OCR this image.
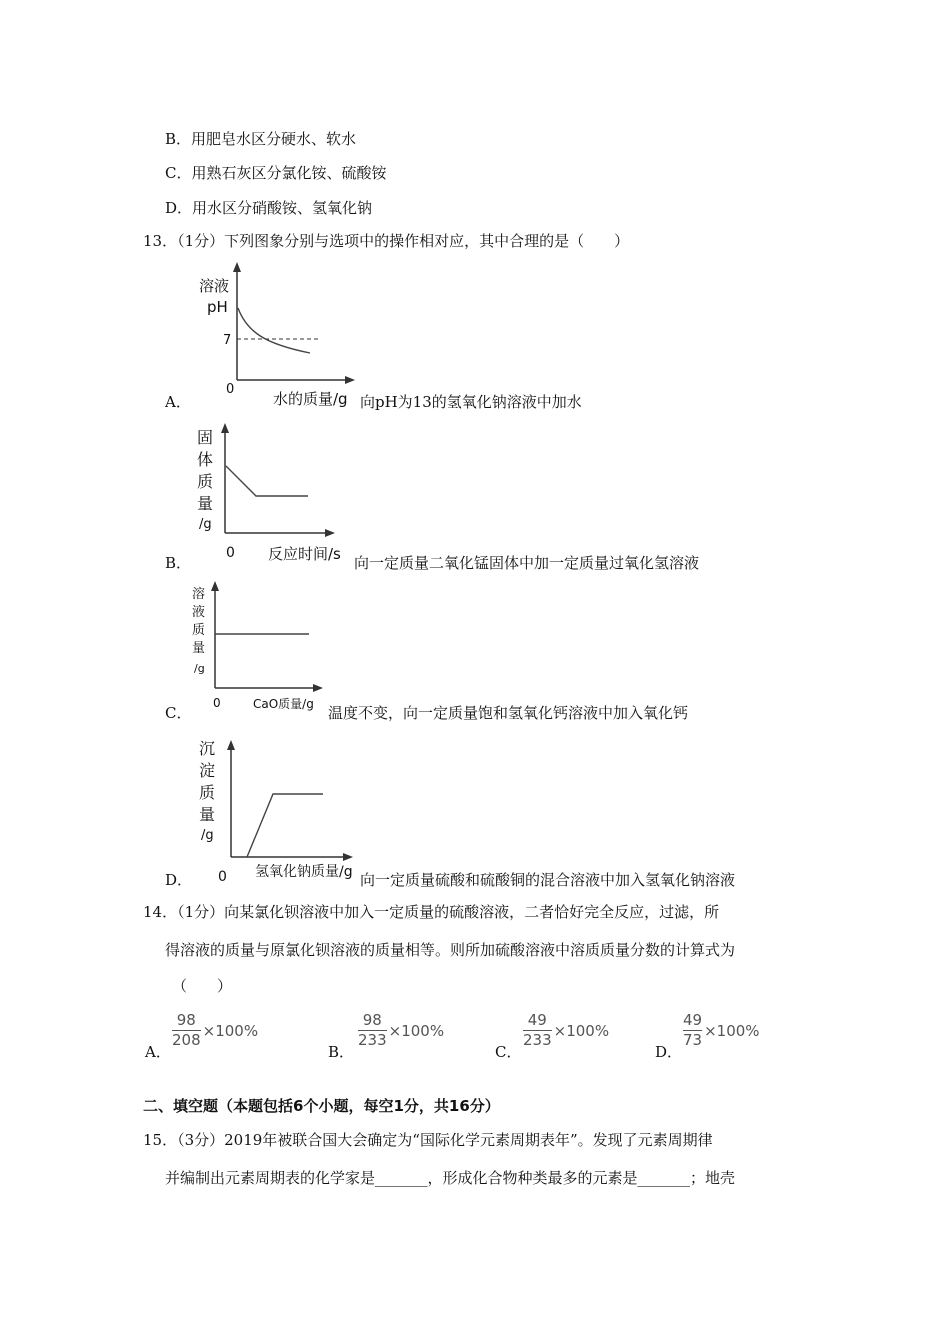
B．用肥皂水区分硬水、软水
C．用熟石灰区分氯化铵、硫酸铵
D．用水区分硝酸铵、氢氧化钠
13．（1分）下列图象分别与选项中的操作相对应，其中合理的是（　　）
A．
溶液
pH
7
0
水的质量/g 向pH为13的氢氧化钠溶液中加水
B．
固
体
质
量
/g
0 反应时间/s 向一定质量二氧化锰固体中加一定质量过氧化氢溶液
C．
溶
液
质
量
/g
0	CaO质量/g 温度不变，向一定质量饱和氢氧化钙溶液中加入氧化钙
D．
沉
淀
质
量
/g
0 氢氧化钠质量/g 向一定质量硫酸和硫酸铜的混合溶液中加入氢氧化钠溶液
14．（1分）向某氯化钡溶液中加入一定质量的硫酸溶液，二者恰好完全反应，过滤，所
得溶液的质量与原氯化钡溶液的质量相等。则所加硫酸溶液中溶质质量分数的计算式为
（　　）
A．
$\frac{98}{208} \times 100\%$
B．
98
233
×100%
C．
49
233
×100%
D．
49
73
×100%
二、填空题（本题包括6个小题，每空1分，共16分）
15．（3分）2019年被联合国大会确定为“国际化学元素周期表年”。发现了元素周期律
并编制出元素周期表的化学家是_______，形成化合物种类最多的元素是_______；地壳
